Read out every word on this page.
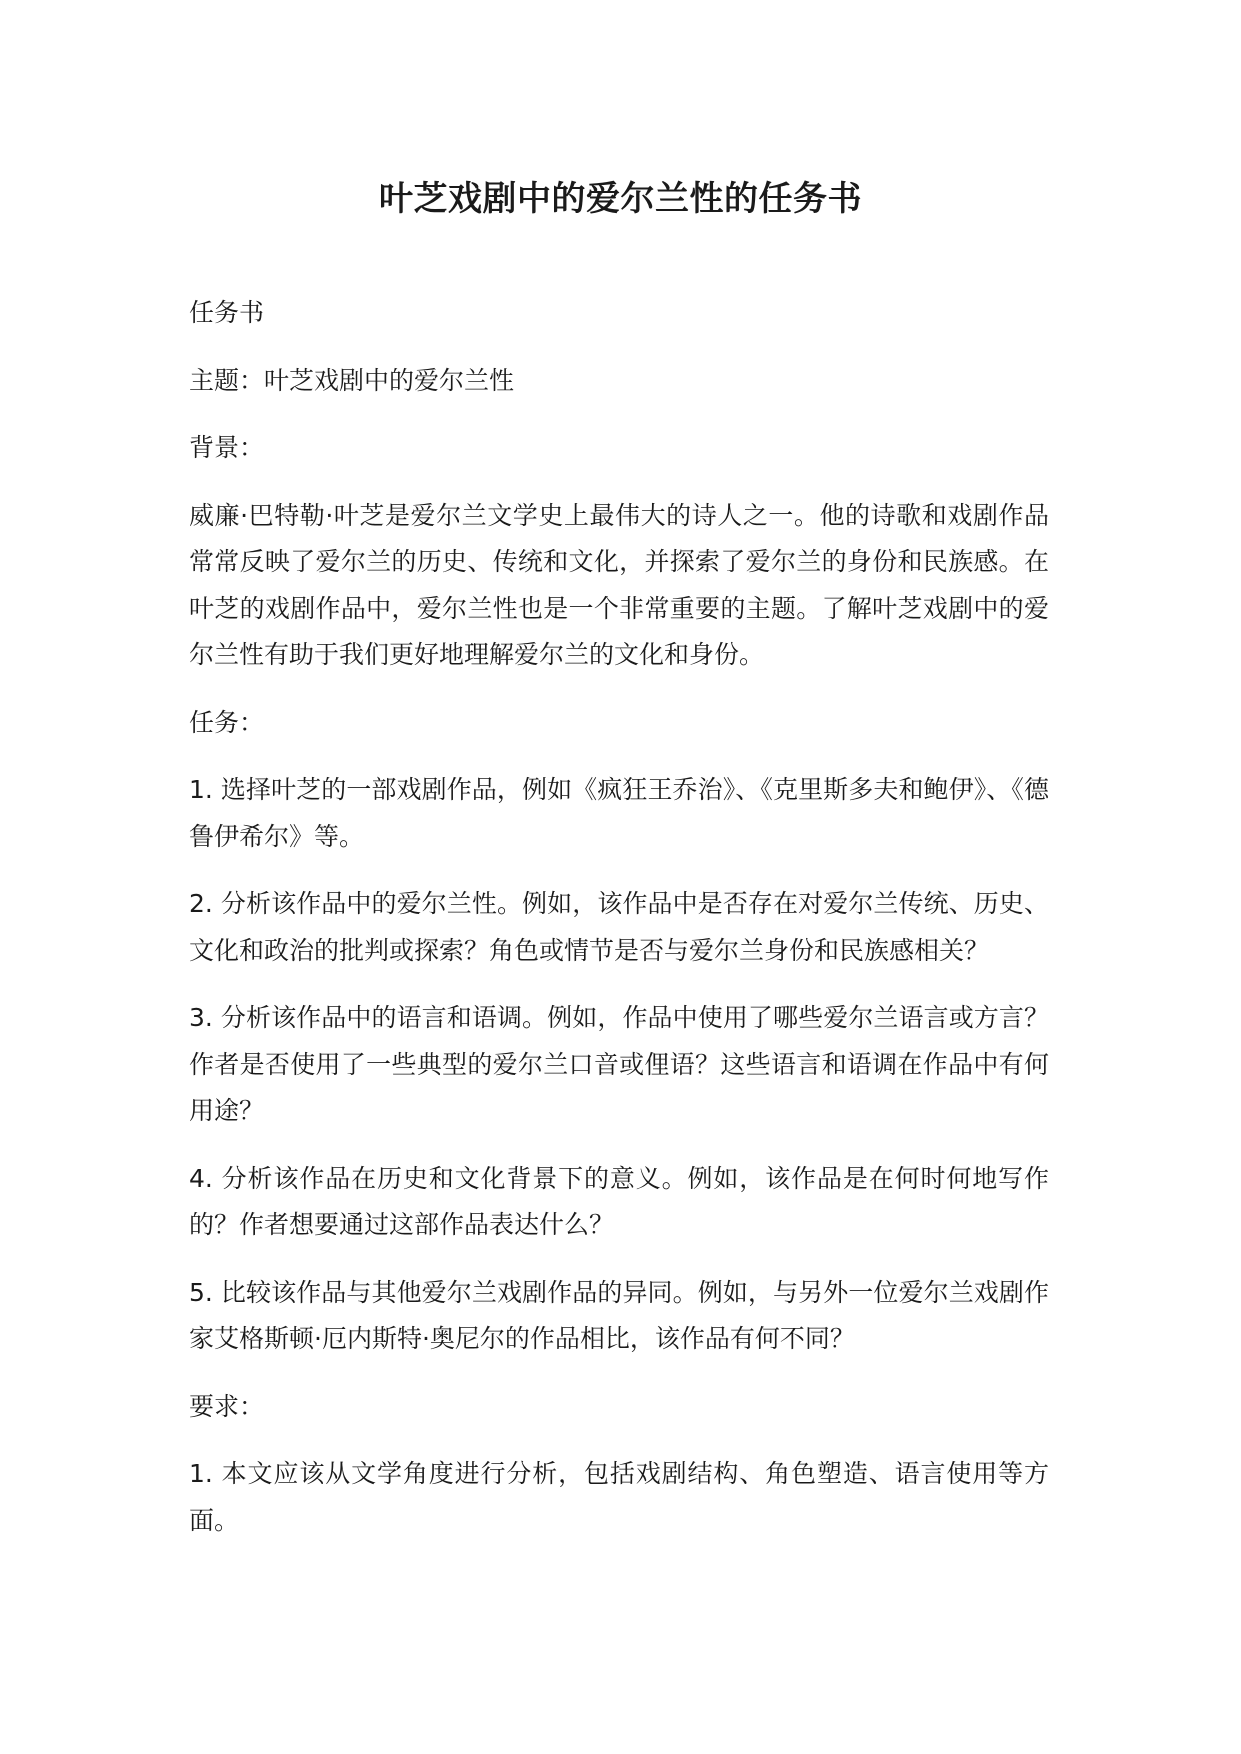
叶芝戏剧中的爱尔兰性的任务书

任务书

主题：叶芝戏剧中的爱尔兰性

背景：

威廉·巴特勒·叶芝是爱尔兰文学史上最伟大的诗人之一。他的诗歌和戏剧作品常常反映了爱尔兰的历史、传统和文化，并探索了爱尔兰的身份和民族感。在叶芝的戏剧作品中，爱尔兰性也是一个非常重要的主题。了解叶芝戏剧中的爱尔兰性有助于我们更好地理解爱尔兰的文化和身份。

任务：

1. 选择叶芝的一部戏剧作品，例如《疯狂王乔治》、《克里斯多夫和鲍伊》、《德鲁伊希尔》等。

2. 分析该作品中的爱尔兰性。例如，该作品中是否存在对爱尔兰传统、历史、文化和政治的批判或探索？角色或情节是否与爱尔兰身份和民族感相关？

3. 分析该作品中的语言和语调。例如，作品中使用了哪些爱尔兰语言或方言？作者是否使用了一些典型的爱尔兰口音或俚语？这些语言和语调在作品中有何用途？

4. 分析该作品在历史和文化背景下的意义。例如，该作品是在何时何地写作的？作者想要通过这部作品表达什么？

5. 比较该作品与其他爱尔兰戏剧作品的异同。例如，与另外一位爱尔兰戏剧作家艾格斯顿·厄内斯特·奥尼尔的作品相比，该作品有何不同？

要求：

1. 本文应该从文学角度进行分析，包括戏剧结构、角色塑造、语言使用等方面。
